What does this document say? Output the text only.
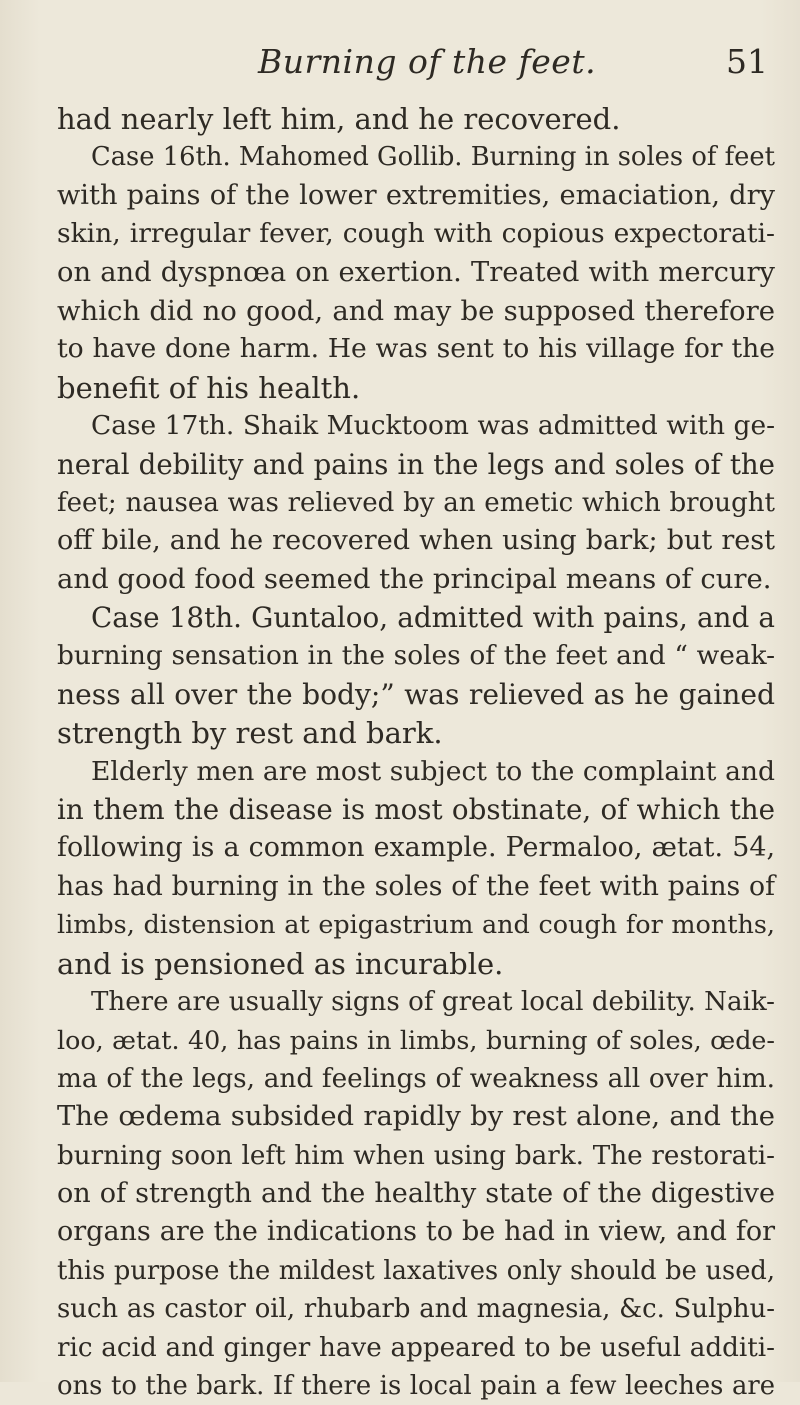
Burning of the feet.	51
had nearly left him, and he recovered.
Case 16th. Mahomed Gollib. Burning in soles of feet
with pains of the lower extremities, emaciation, dry
skin, irregular fever, cough with copious expectorati-
on and dyspnœa on exertion. Treated with mercury
which did no good, and may be supposed therefore
to have done harm. He was sent to his village for the
benefit of his health.
Case 17th. Shaik Mucktoom was admitted with ge-
neral debility and pains in the legs and soles of the
feet; nausea was relieved by an emetic which brought
off bile, and he recovered when using bark; but rest
and good food seemed the principal means of cure.
Case 18th. Guntaloo, admitted with pains, and a
burning sensation in the soles of the feet and “ weak-
ness all over the body;” was relieved as he gained
strength by rest and bark.
Elderly men are most subject to the complaint and
in them the disease is most obstinate, of which the
following is a common example. Permaloo, ætat. 54,
has had burning in the soles of the feet with pains of
limbs, distension at epigastrium and cough for months,
and is pensioned as incurable.
There are usually signs of great local debility. Naik-
loo, ætat. 40, has pains in limbs, burning of soles, œde-
ma of the legs, and feelings of weakness all over him.
The œdema subsided rapidly by rest alone, and the
burning soon left him when using bark. The restorati-
on of strength and the healthy state of the digestive
organs are the indications to be had in view, and for
this purpose the mildest laxatives only should be used,
such as castor oil, rhubarb and magnesia, &c. Sulphu-
ric acid and ginger have appeared to be useful additi-
ons to the bark. If there is local pain a few leeches are
